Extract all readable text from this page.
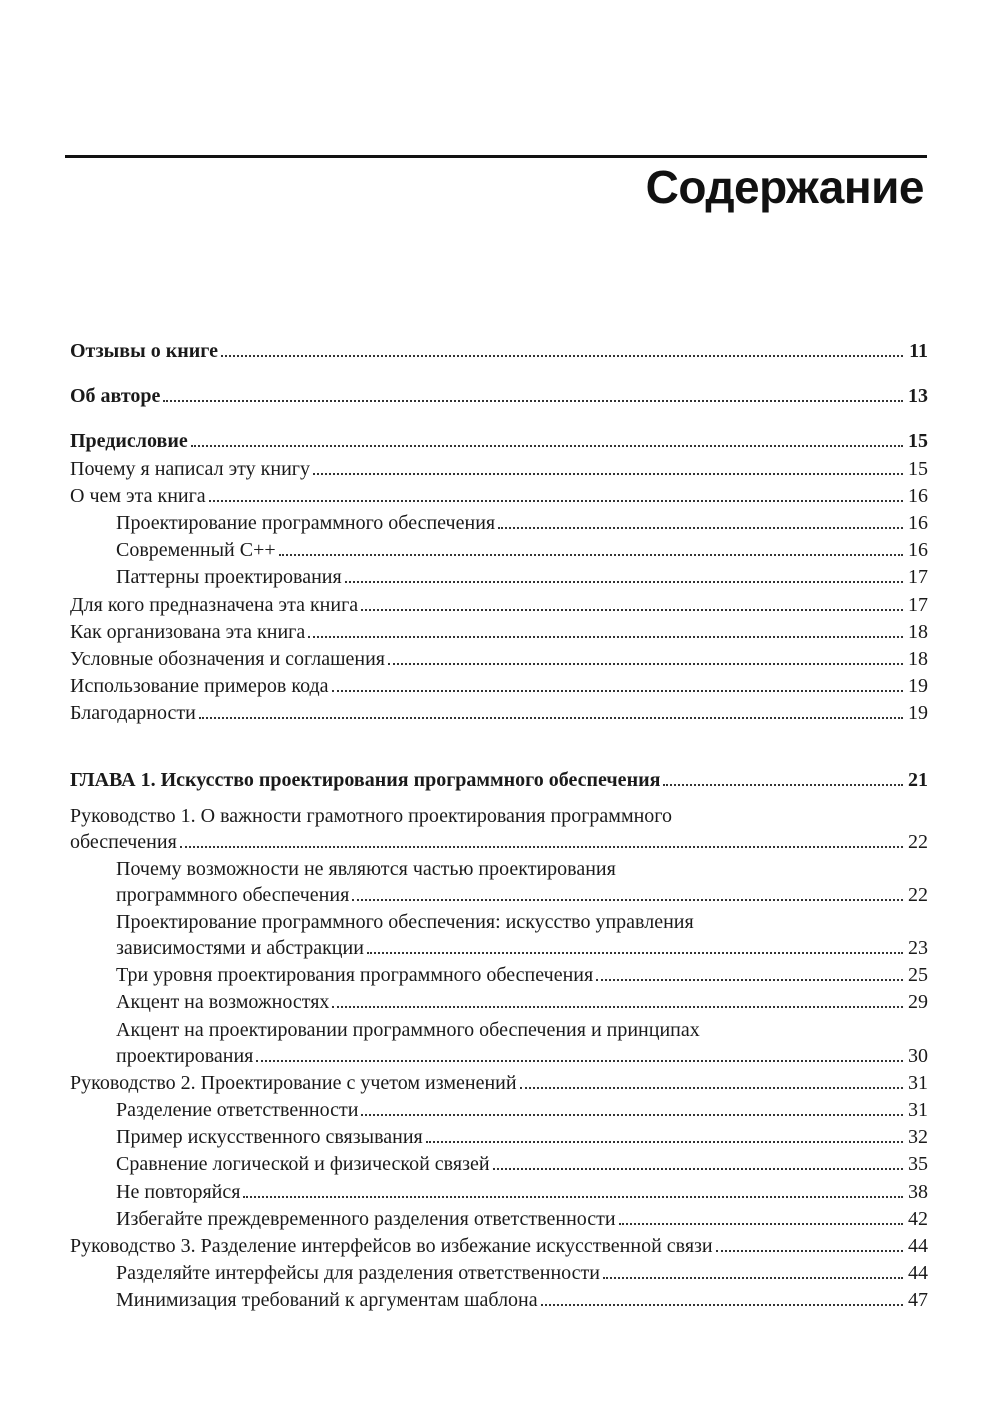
Содержание
Отзывы о книге	11
Об авторе	13
Предисловие	15
Почему я написал эту книгу	15
О чем эта книга	16
Проектирование программного обеспечения	16
Современный C++	16
Паттерны проектирования	17
Для кого предназначена эта книга	17
Как организована эта книга	18
Условные обозначения и соглашения	18
Использование примеров кода	19
Благодарности	19
ГЛАВА 1. Искусство проектирования программного обеспечения	21
Руководство 1. О важности грамотного проектирования программного
обеспечения	22
Почему возможности не являются частью проектирования
программного обеспечения	22
Проектирование программного обеспечения: искусство управления
зависимостями и абстракции	23
Три уровня проектирования программного обеспечения	25
Акцент на возможностях	29
Акцент на проектировании программного обеспечения и принципах
проектирования	30
Руководство 2. Проектирование с учетом изменений	31
Разделение ответственности	31
Пример искусственного связывания	32
Сравнение логической и физической связей	35
Не повторяйся	38
Избегайте преждевременного разделения ответственности	42
Руководство 3. Разделение интерфейсов во избежание искусственной связи	44
Разделяйте интерфейсы для разделения ответственности	44
Минимизация требований к аргументам шаблона	47
